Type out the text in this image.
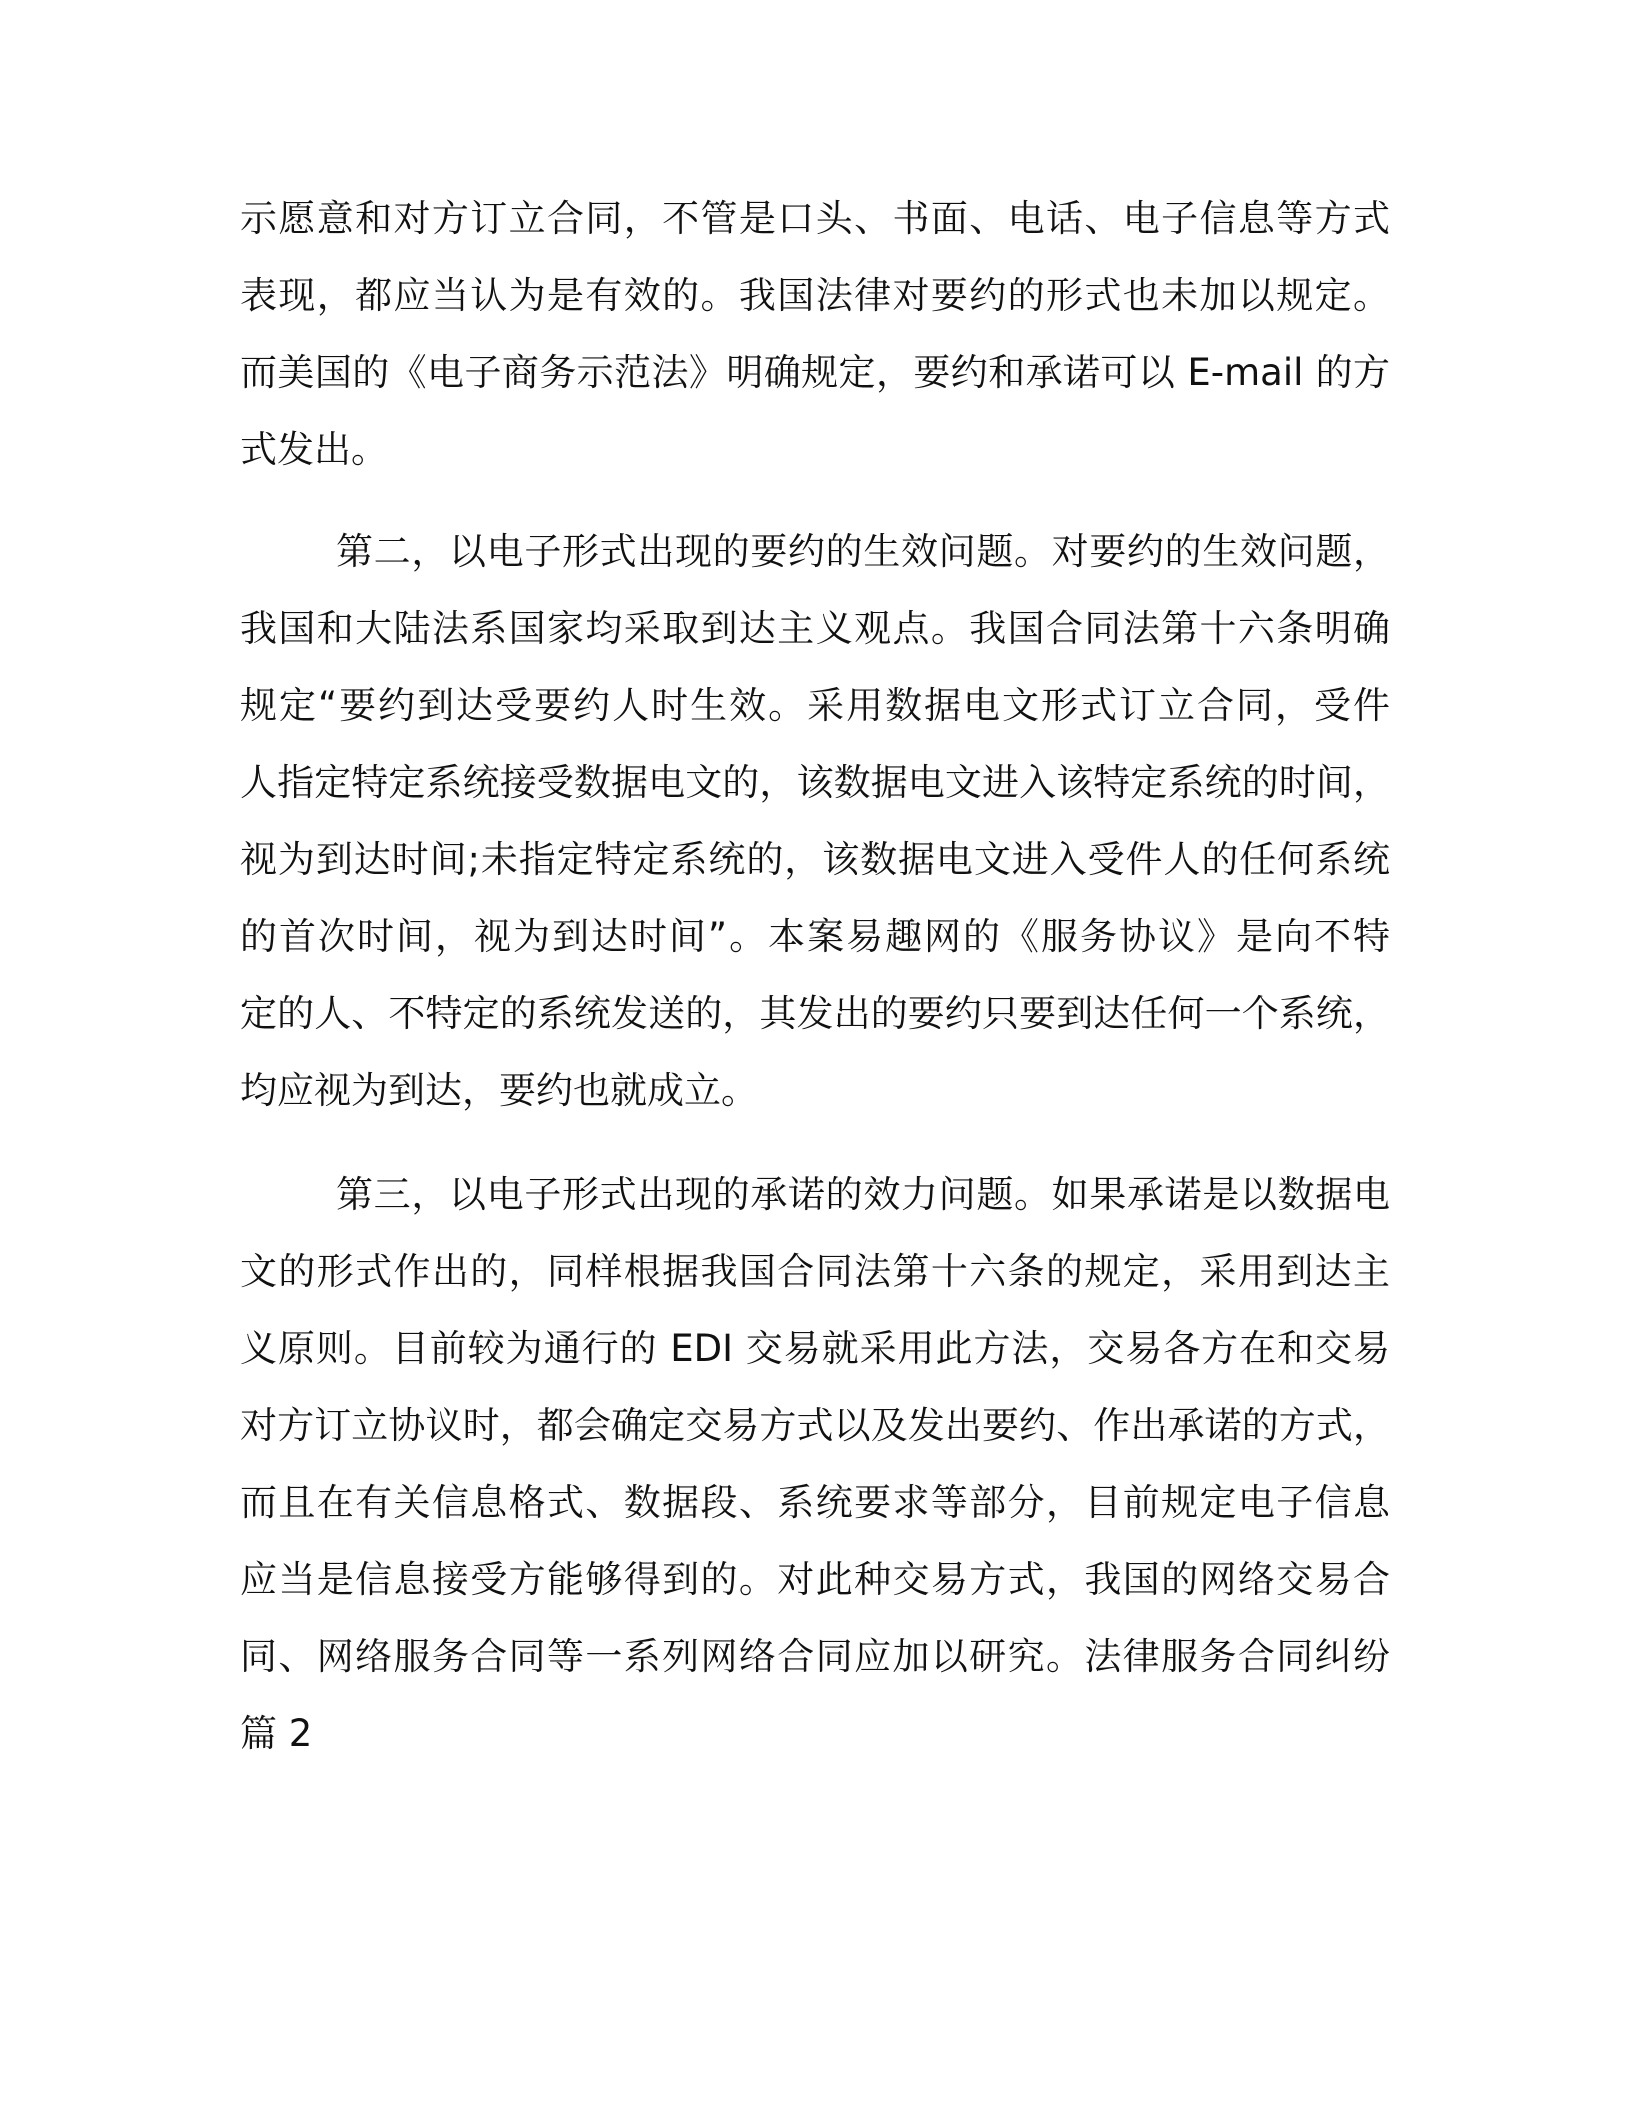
示愿意和对方订立合同，不管是口头、书面、电话、电子信息等方式
表现，都应当认为是有效的。我国法律对要约的形式也未加以规定。
而美国的《电子商务示范法》明确规定，要约和承诺可以 E-mail 的方
式发出。
第二，以电子形式出现的要约的生效问题。对要约的生效问题，
我国和大陆法系国家均采取到达主义观点。我国合同法第十六条明确
规定“要约到达受要约人时生效。采用数据电文形式订立合同，受件
人指定特定系统接受数据电文的，该数据电文进入该特定系统的时间，
视为到达时间;未指定特定系统的，该数据电文进入受件人的任何系统
的首次时间，视为到达时间”。本案易趣网的《服务协议》是向不特
定的人、不特定的系统发送的，其发出的要约只要到达任何一个系统，
均应视为到达，要约也就成立。
第三，以电子形式出现的承诺的效力问题。如果承诺是以数据电
文的形式作出的，同样根据我国合同法第十六条的规定，采用到达主
义原则。目前较为通行的 EDI 交易就采用此方法，交易各方在和交易
对方订立协议时，都会确定交易方式以及发出要约、作出承诺的方式，
而且在有关信息格式、数据段、系统要求等部分，目前规定电子信息
应当是信息接受方能够得到的。对此种交易方式，我国的网络交易合
同、网络服务合同等一系列网络合同应加以研究。法律服务合同纠纷
篇 2
